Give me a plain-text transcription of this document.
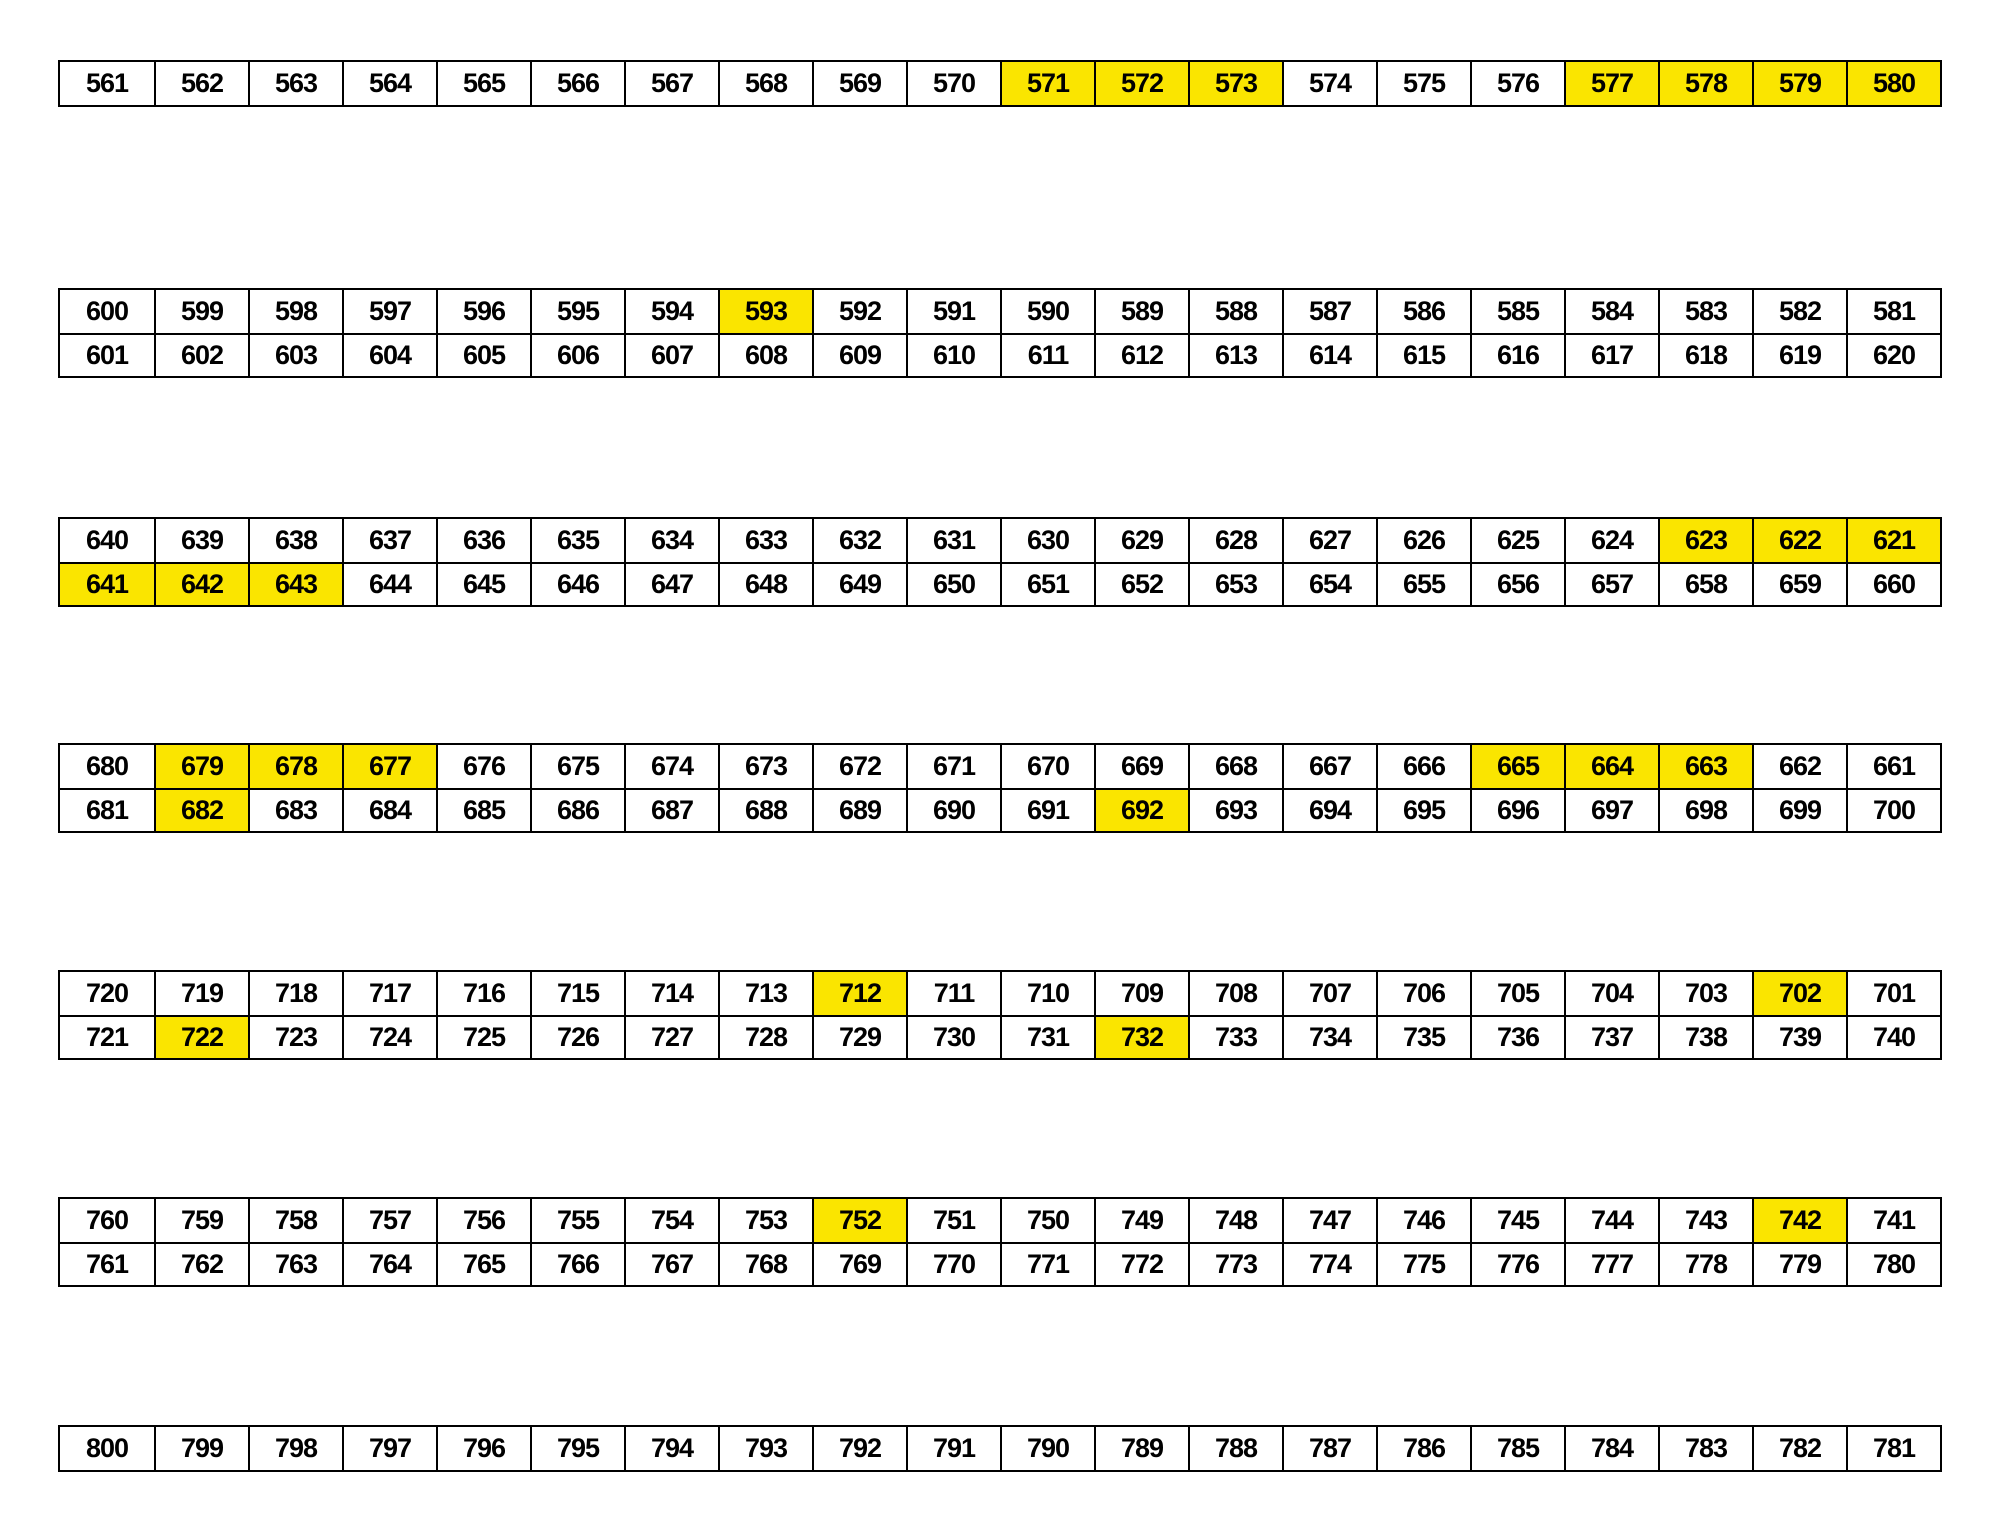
561	562	563	564	565	566	567	568	569	570	571	572	573	574	575	576	577	578	579	580
600	599	598	597	596	595	594	593	592	591	590	589	588	587	586	585	584	583	582	581
601	602	603	604	605	606	607	608	609	610	611	612	613	614	615	616	617	618	619	620
640	639	638	637	636	635	634	633	632	631	630	629	628	627	626	625	624	623	622	621
641	642	643	644	645	646	647	648	649	650	651	652	653	654	655	656	657	658	659	660
680	679	678	677	676	675	674	673	672	671	670	669	668	667	666	665	664	663	662	661
681	682	683	684	685	686	687	688	689	690	691	692	693	694	695	696	697	698	699	700
720	719	718	717	716	715	714	713	712	711	710	709	708	707	706	705	704	703	702	701
721	722	723	724	725	726	727	728	729	730	731	732	733	734	735	736	737	738	739	740
760	759	758	757	756	755	754	753	752	751	750	749	748	747	746	745	744	743	742	741
761	762	763	764	765	766	767	768	769	770	771	772	773	774	775	776	777	778	779	780
800	799	798	797	796	795	794	793	792	791	790	789	788	787	786	785	784	783	782	781
